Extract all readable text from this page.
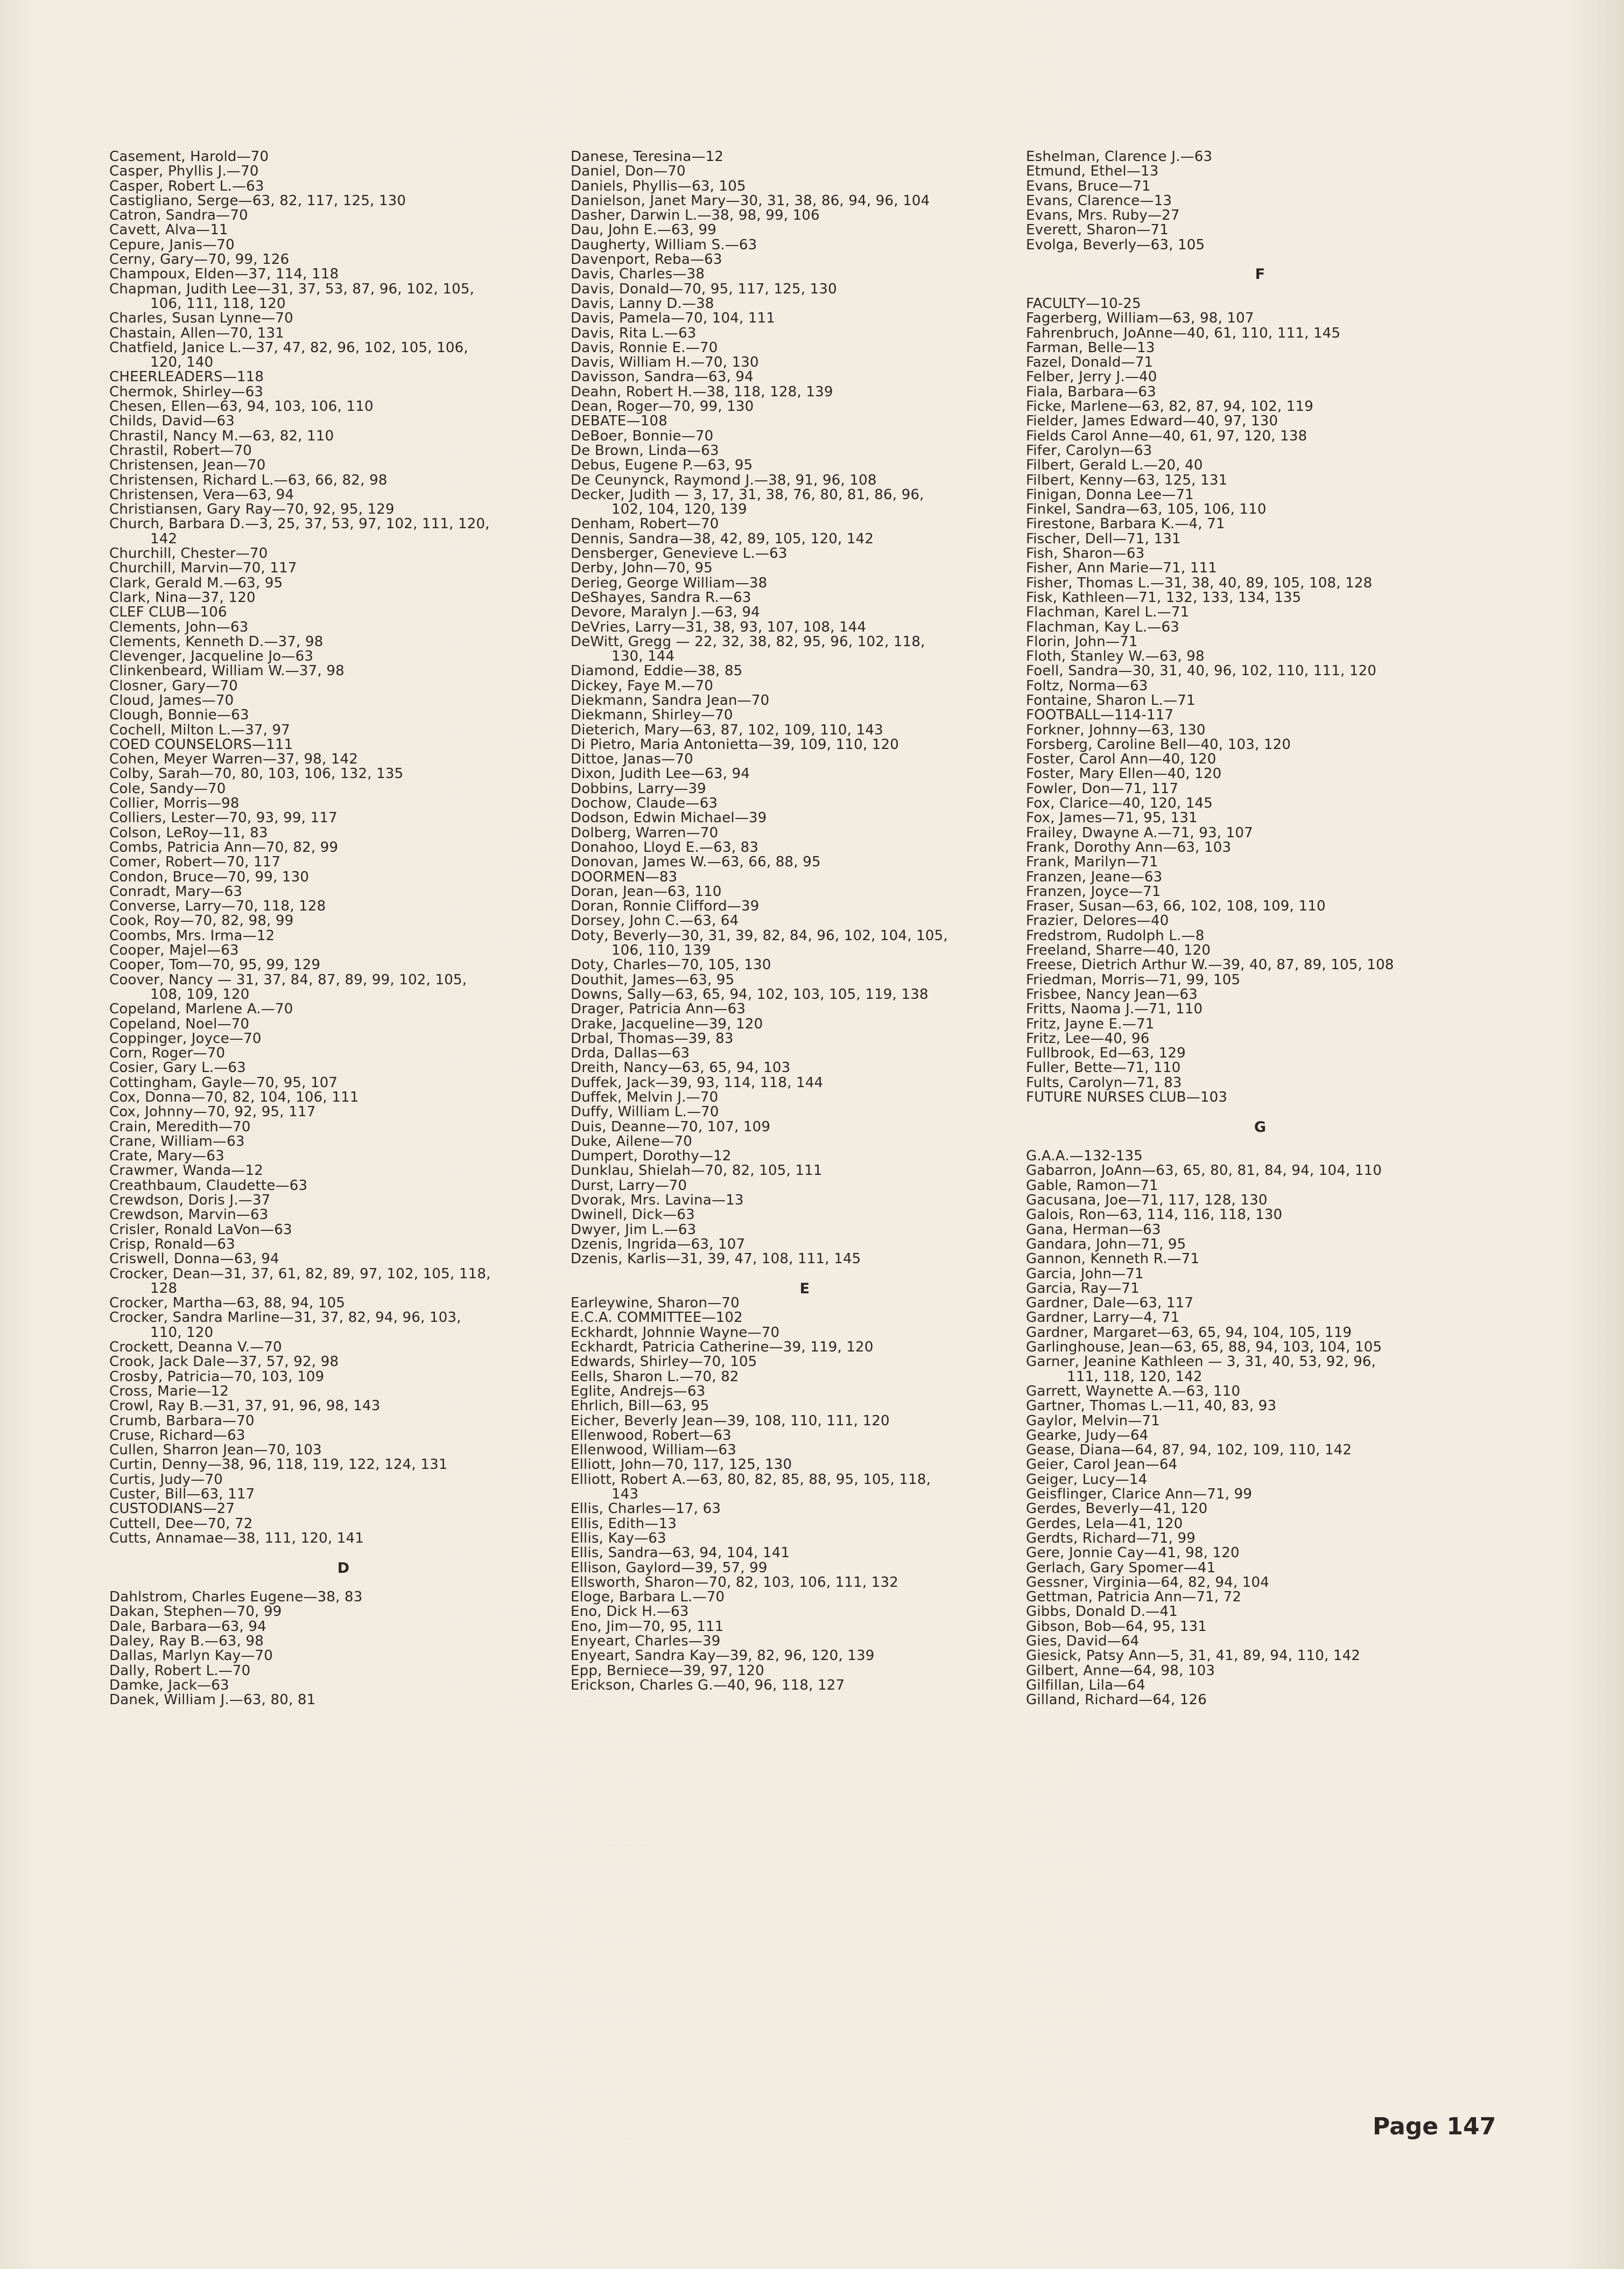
Casement, Harold—70
Casper, Phyllis J.—70
Casper, Robert L.—63
Castigliano, Serge—63, 82, 117, 125, 130
Catron, Sandra—70
Cavett, Alva—11
Cepure, Janis—70
Cerny, Gary—70, 99, 126
Champoux, Elden—37, 114, 118
Chapman, Judith Lee—31, 37, 53, 87, 96, 102, 105,
106, 111, 118, 120
Charles, Susan Lynne—70
Chastain, Allen—70, 131
Chatfield, Janice L.—37, 47, 82, 96, 102, 105, 106,
120, 140
CHEERLEADERS—118
Chermok, Shirley—63
Chesen, Ellen—63, 94, 103, 106, 110
Childs, David—63
Chrastil, Nancy M.—63, 82, 110
Chrastil, Robert—70
Christensen, Jean—70
Christensen, Richard L.—63, 66, 82, 98
Christensen, Vera—63, 94
Christiansen, Gary Ray—70, 92, 95, 129
Church, Barbara D.—3, 25, 37, 53, 97, 102, 111, 120,
142
Churchill, Chester—70
Churchill, Marvin—70, 117
Clark, Gerald M.—63, 95
Clark, Nina—37, 120
CLEF CLUB—106
Clements, John—63
Clements, Kenneth D.—37, 98
Clevenger, Jacqueline Jo—63
Clinkenbeard, William W.—37, 98
Closner, Gary—70
Cloud, James—70
Clough, Bonnie—63
Cochell, Milton L.—37, 97
COED COUNSELORS—111
Cohen, Meyer Warren—37, 98, 142
Colby, Sarah—70, 80, 103, 106, 132, 135
Cole, Sandy—70
Collier, Morris—98
Colliers, Lester—70, 93, 99, 117
Colson, LeRoy—11, 83
Combs, Patricia Ann—70, 82, 99
Comer, Robert—70, 117
Condon, Bruce—70, 99, 130
Conradt, Mary—63
Converse, Larry—70, 118, 128
Cook, Roy—70, 82, 98, 99
Coombs, Mrs. Irma—12
Cooper, Majel—63
Cooper, Tom—70, 95, 99, 129
Coover, Nancy — 31, 37, 84, 87, 89, 99, 102, 105,
108, 109, 120
Copeland, Marlene A.—70
Copeland, Noel—70
Coppinger, Joyce—70
Corn, Roger—70
Cosier, Gary L.—63
Cottingham, Gayle—70, 95, 107
Cox, Donna—70, 82, 104, 106, 111
Cox, Johnny—70, 92, 95, 117
Crain, Meredith—70
Crane, William—63
Crate, Mary—63
Crawmer, Wanda—12
Creathbaum, Claudette—63
Crewdson, Doris J.—37
Crewdson, Marvin—63
Crisler, Ronald LaVon—63
Crisp, Ronald—63
Criswell, Donna—63, 94
Crocker, Dean—31, 37, 61, 82, 89, 97, 102, 105, 118,
128
Crocker, Martha—63, 88, 94, 105
Crocker, Sandra Marline—31, 37, 82, 94, 96, 103,
110, 120
Crockett, Deanna V.—70
Crook, Jack Dale—37, 57, 92, 98
Crosby, Patricia—70, 103, 109
Cross, Marie—12
Crowl, Ray B.—31, 37, 91, 96, 98, 143
Crumb, Barbara—70
Cruse, Richard—63
Cullen, Sharron Jean—70, 103
Curtin, Denny—38, 96, 118, 119, 122, 124, 131
Curtis, Judy—70
Custer, Bill—63, 117
CUSTODIANS—27
Cuttell, Dee—70, 72
Cutts, Annamae—38, 111, 120, 141
D
Dahlstrom, Charles Eugene—38, 83
Dakan, Stephen—70, 99
Dale, Barbara—63, 94
Daley, Ray B.—63, 98
Dallas, Marlyn Kay—70
Dally, Robert L.—70
Damke, Jack—63
Danek, William J.—63, 80, 81
Danese, Teresina—12
Daniel, Don—70
Daniels, Phyllis—63, 105
Danielson, Janet Mary—30, 31, 38, 86, 94, 96, 104
Dasher, Darwin L.—38, 98, 99, 106
Dau, John E.—63, 99
Daugherty, William S.—63
Davenport, Reba—63
Davis, Charles—38
Davis, Donald—70, 95, 117, 125, 130
Davis, Lanny D.—38
Davis, Pamela—70, 104, 111
Davis, Rita L.—63
Davis, Ronnie E.—70
Davis, William H.—70, 130
Davisson, Sandra—63, 94
Deahn, Robert H.—38, 118, 128, 139
Dean, Roger—70, 99, 130
DEBATE—108
DeBoer, Bonnie—70
De Brown, Linda—63
Debus, Eugene P.—63, 95
De Ceunynck, Raymond J.—38, 91, 96, 108
Decker, Judith — 3, 17, 31, 38, 76, 80, 81, 86, 96,
102, 104, 120, 139
Denham, Robert—70
Dennis, Sandra—38, 42, 89, 105, 120, 142
Densberger, Genevieve L.—63
Derby, John—70, 95
Derieg, George William—38
DeShayes, Sandra R.—63
Devore, Maralyn J.—63, 94
DeVries, Larry—31, 38, 93, 107, 108, 144
DeWitt, Gregg — 22, 32, 38, 82, 95, 96, 102, 118,
130, 144
Diamond, Eddie—38, 85
Dickey, Faye M.—70
Diekmann, Sandra Jean—70
Diekmann, Shirley—70
Dieterich, Mary—63, 87, 102, 109, 110, 143
Di Pietro, Maria Antonietta—39, 109, 110, 120
Dittoe, Janas—70
Dixon, Judith Lee—63, 94
Dobbins, Larry—39
Dochow, Claude—63
Dodson, Edwin Michael—39
Dolberg, Warren—70
Donahoo, Lloyd E.—63, 83
Donovan, James W.—63, 66, 88, 95
DOORMEN—83
Doran, Jean—63, 110
Doran, Ronnie Clifford—39
Dorsey, John C.—63, 64
Doty, Beverly—30, 31, 39, 82, 84, 96, 102, 104, 105,
106, 110, 139
Doty, Charles—70, 105, 130
Douthit, James—63, 95
Downs, Sally—63, 65, 94, 102, 103, 105, 119, 138
Drager, Patricia Ann—63
Drake, Jacqueline—39, 120
Drbal, Thomas—39, 83
Drda, Dallas—63
Dreith, Nancy—63, 65, 94, 103
Duffek, Jack—39, 93, 114, 118, 144
Duffek, Melvin J.—70
Duffy, William L.—70
Duis, Deanne—70, 107, 109
Duke, Ailene—70
Dumpert, Dorothy—12
Dunklau, Shielah—70, 82, 105, 111
Durst, Larry—70
Dvorak, Mrs. Lavina—13
Dwinell, Dick—63
Dwyer, Jim L.—63
Dzenis, Ingrida—63, 107
Dzenis, Karlis—31, 39, 47, 108, 111, 145
E
Earleywine, Sharon—70
E.C.A. COMMITTEE—102
Eckhardt, Johnnie Wayne—70
Eckhardt, Patricia Catherine—39, 119, 120
Edwards, Shirley—70, 105
Eells, Sharon L.—70, 82
Eglite, Andrejs—63
Ehrlich, Bill—63, 95
Eicher, Beverly Jean—39, 108, 110, 111, 120
Ellenwood, Robert—63
Ellenwood, William—63
Elliott, John—70, 117, 125, 130
Elliott, Robert A.—63, 80, 82, 85, 88, 95, 105, 118,
143
Ellis, Charles—17, 63
Ellis, Edith—13
Ellis, Kay—63
Ellis, Sandra—63, 94, 104, 141
Ellison, Gaylord—39, 57, 99
Ellsworth, Sharon—70, 82, 103, 106, 111, 132
Eloge, Barbara L.—70
Eno, Dick H.—63
Eno, Jim—70, 95, 111
Enyeart, Charles—39
Enyeart, Sandra Kay—39, 82, 96, 120, 139
Epp, Berniece—39, 97, 120
Erickson, Charles G.—40, 96, 118, 127
Eshelman, Clarence J.—63
Etmund, Ethel—13
Evans, Bruce—71
Evans, Clarence—13
Evans, Mrs. Ruby—27
Everett, Sharon—71
Evolga, Beverly—63, 105
F
FACULTY—10-25
Fagerberg, William—63, 98, 107
Fahrenbruch, JoAnne—40, 61, 110, 111, 145
Farman, Belle—13
Fazel, Donald—71
Felber, Jerry J.—40
Fiala, Barbara—63
Ficke, Marlene—63, 82, 87, 94, 102, 119
Fielder, James Edward—40, 97, 130
Fields Carol Anne—40, 61, 97, 120, 138
Fifer, Carolyn—63
Filbert, Gerald L.—20, 40
Filbert, Kenny—63, 125, 131
Finigan, Donna Lee—71
Finkel, Sandra—63, 105, 106, 110
Firestone, Barbara K.—4, 71
Fischer, Dell—71, 131
Fish, Sharon—63
Fisher, Ann Marie—71, 111
Fisher, Thomas L.—31, 38, 40, 89, 105, 108, 128
Fisk, Kathleen—71, 132, 133, 134, 135
Flachman, Karel L.—71
Flachman, Kay L.—63
Florin, John—71
Floth, Stanley W.—63, 98
Foell, Sandra—30, 31, 40, 96, 102, 110, 111, 120
Foltz, Norma—63
Fontaine, Sharon L.—71
FOOTBALL—114-117
Forkner, Johnny—63, 130
Forsberg, Caroline Bell—40, 103, 120
Foster, Carol Ann—40, 120
Foster, Mary Ellen—40, 120
Fowler, Don—71, 117
Fox, Clarice—40, 120, 145
Fox, James—71, 95, 131
Frailey, Dwayne A.—71, 93, 107
Frank, Dorothy Ann—63, 103
Frank, Marilyn—71
Franzen, Jeane—63
Franzen, Joyce—71
Fraser, Susan—63, 66, 102, 108, 109, 110
Frazier, Delores—40
Fredstrom, Rudolph L.—8
Freeland, Sharre—40, 120
Freese, Dietrich Arthur W.—39, 40, 87, 89, 105, 108
Friedman, Morris—71, 99, 105
Frisbee, Nancy Jean—63
Fritts, Naoma J.—71, 110
Fritz, Jayne E.—71
Fritz, Lee—40, 96
Fullbrook, Ed—63, 129
Fuller, Bette—71, 110
Fults, Carolyn—71, 83
FUTURE NURSES CLUB—103
G
G.A.A.—132-135
Gabarron, JoAnn—63, 65, 80, 81, 84, 94, 104, 110
Gable, Ramon—71
Gacusana, Joe—71, 117, 128, 130
Galois, Ron—63, 114, 116, 118, 130
Gana, Herman—63
Gandara, John—71, 95
Gannon, Kenneth R.—71
Garcia, John—71
Garcia, Ray—71
Gardner, Dale—63, 117
Gardner, Larry—4, 71
Gardner, Margaret—63, 65, 94, 104, 105, 119
Garlinghouse, Jean—63, 65, 88, 94, 103, 104, 105
Garner, Jeanine Kathleen — 3, 31, 40, 53, 92, 96,
111, 118, 120, 142
Garrett, Waynette A.—63, 110
Gartner, Thomas L.—11, 40, 83, 93
Gaylor, Melvin—71
Gearke, Judy—64
Gease, Diana—64, 87, 94, 102, 109, 110, 142
Geier, Carol Jean—64
Geiger, Lucy—14
Geisflinger, Clarice Ann—71, 99
Gerdes, Beverly—41, 120
Gerdes, Lela—41, 120
Gerdts, Richard—71, 99
Gere, Jonnie Cay—41, 98, 120
Gerlach, Gary Spomer—41
Gessner, Virginia—64, 82, 94, 104
Gettman, Patricia Ann—71, 72
Gibbs, Donald D.—41
Gibson, Bob—64, 95, 131
Gies, David—64
Giesick, Patsy Ann—5, 31, 41, 89, 94, 110, 142
Gilbert, Anne—64, 98, 103
Gilfillan, Lila—64
Gilland, Richard—64, 126
Page 147
